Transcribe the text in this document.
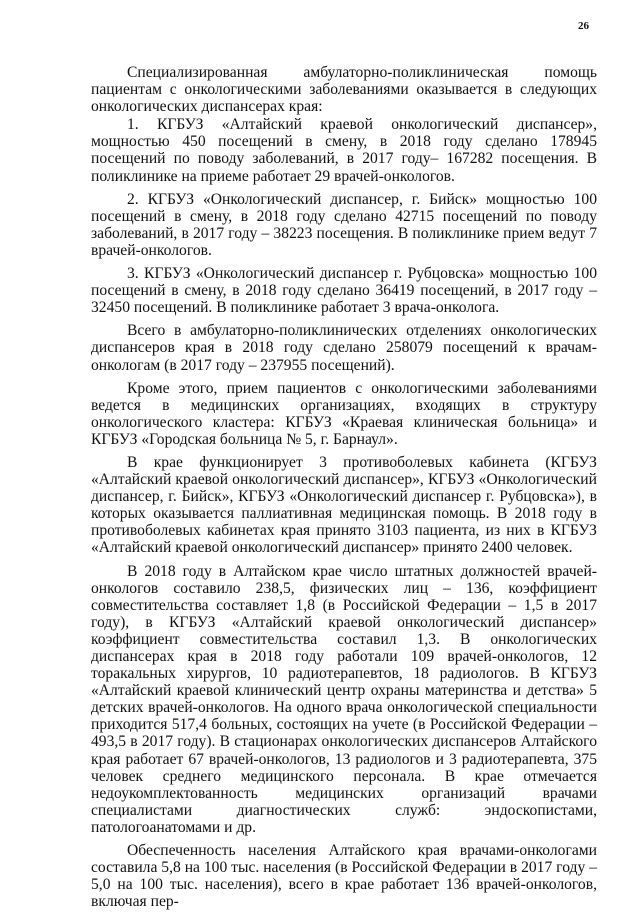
26

Специализированная амбулаторно-поликлиническая помощь пациентам с онкологическими заболеваниями оказывается в следующих онкологических диспансерах края:

1. КГБУЗ «Алтайский краевой онкологический диспансер», мощностью 450 посещений в смену, в 2018 году сделано 178945 посещений по поводу заболеваний, в 2017 году– 167282 посещения. В поликлинике на приеме работает 29 врачей-онкологов.

2. КГБУЗ «Онкологический диспансер, г. Бийск» мощностью 100 посещений в смену, в 2018 году сделано 42715 посещений по поводу заболеваний, в 2017 году – 38223 посещения. В поликлинике прием ведут 7 врачей-онкологов.

3. КГБУЗ «Онкологический диспансер г. Рубцовска» мощностью 100 посещений в смену, в 2018 году сделано 36419 посещений, в 2017 году – 32450 посещений. В поликлинике работает 3 врача-онколога.

Всего в амбулаторно-поликлинических отделениях онкологических диспансеров края в 2018 году сделано 258079 посещений к врачам-онкологам (в 2017 году – 237955 посещений).

Кроме этого, прием пациентов с онкологическими заболеваниями ведется в медицинских организациях, входящих в структуру онкологического кластера: КГБУЗ «Краевая клиническая больница» и КГБУЗ «Городская больница № 5, г. Барнаул».

В крае функционирует 3 противоболевых кабинета (КГБУЗ «Алтайский краевой онкологический диспансер», КГБУЗ «Онкологический диспансер, г. Бийск», КГБУЗ «Онкологический диспансер г. Рубцовска»), в которых оказывается паллиативная медицинская помощь. В 2018 году в противоболевых кабинетах края принято 3103 пациента, из них в КГБУЗ «Алтайский краевой онкологический диспансер» принято 2400 человек.

В 2018 году в Алтайском крае число штатных должностей врачей-онкологов составило 238,5, физических лиц – 136, коэффициент совместительства составляет 1,8 (в Российской Федерации – 1,5 в 2017 году), в КГБУЗ «Алтайский краевой онкологический диспансер» коэффициент совместительства составил 1,3. В онкологических диспансерах края в 2018 году работали 109 врачей-онкологов, 12 торакальных хирургов, 10 радиотерапевтов, 18 радиологов. В КГБУЗ «Алтайский краевой клинический центр охраны материнства и детства» 5 детских врачей-онкологов. На одного врача онкологической специальности приходится 517,4 больных, состоящих на учете (в Российской Федерации – 493,5 в 2017 году). В стационарах онкологических диспансеров Алтайского края работает 67 врачей-онкологов, 13 радиологов и 3 радиотерапевта, 375 человек среднего медицинского персонала. В крае отмечается недоукомплектованность медицинских организаций врачами специалистами диагностических служб: эндоскопистами, патологоанатомами и др.

Обеспеченность населения Алтайского края врачами-онкологами составила 5,8 на 100 тыс. населения (в Российской Федерации в 2017 году – 5,0 на 100 тыс. населения), всего в крае работает 136 врачей-онкологов, включая пер-
